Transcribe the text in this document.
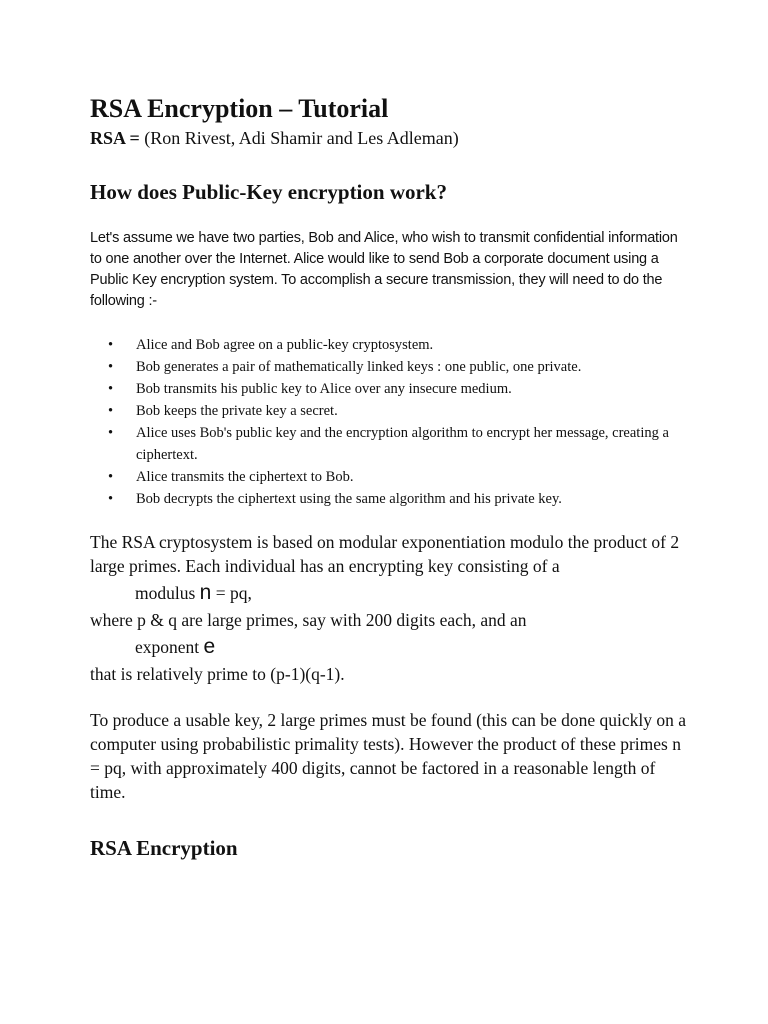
RSA Encryption – Tutorial

RSA = (Ron Rivest, Adi Shamir and Les Adleman)

How does Public-Key encryption work?

Let's assume we have two parties, Bob and Alice, who wish to transmit confidential information to one another over the Internet. Alice would like to send Bob a corporate document using a Public Key encryption system. To accomplish a secure transmission, they will need to do the following :-

• Alice and Bob agree on a public-key cryptosystem.
• Bob generates a pair of mathematically linked keys : one public, one private.
• Bob transmits his public key to Alice over any insecure medium.
• Bob keeps the private key a secret.
• Alice uses Bob's public key and the encryption algorithm to encrypt her message, creating a ciphertext.
• Alice transmits the ciphertext to Bob.
• Bob decrypts the ciphertext using the same algorithm and his private key.

The RSA cryptosystem is based on modular exponentiation modulo the product of 2 large primes. Each individual has an encrypting key consisting of a

modulus n = pq,

where p & q are large primes, say with 200 digits each, and an

exponent e

that is relatively prime to (p-1)(q-1).

To produce a usable key, 2 large primes must be found (this can be done quickly on a computer using probabilistic primality tests). However the product of these primes n = pq, with approximately 400 digits, cannot be factored in a reasonable length of time.

RSA Encryption
